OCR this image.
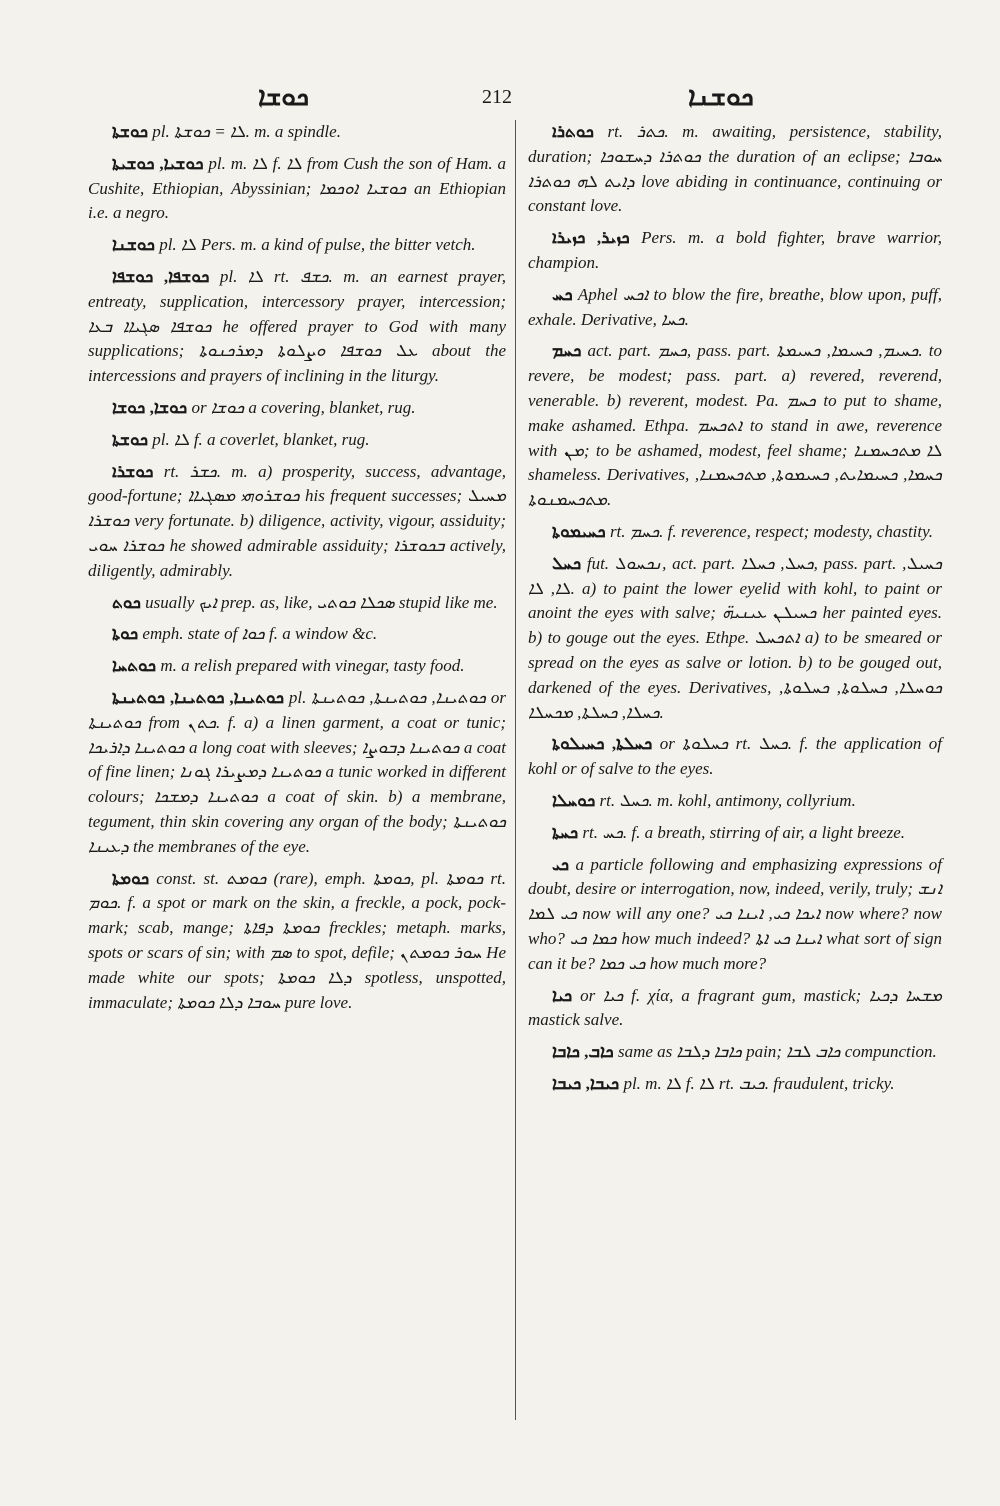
ܟܘܫܐ	212	ܟܘܫܢܐ

ܟܘܫܬܐ pl. ܠܐ = ܟܘܫܬܐ. m. a spindle.

ܟܘܫܝܐ, ܟܘܫܝܬܐ pl. m. ܠܐ f. ܠܐ from Cush the son of Ham. a Cushite, Ethiopian, Abyssinian; ܟܘܫܝܐ ܐܘܟܡܐ an Ethiopian i.e. a negro.

ܟܘܫܢܐ pl. ܠܐ Pers. m. a kind of pulse, the bitter vetch.

ܟܘܫܦܐ, ܟܘܫܦܐ pl. ܠܐ rt. ܟܫܦ. m. an earnest prayer, entreaty, supplication, intercessory prayer, intercession; ܟܘܫܦܐ ܣܓܝܐܐ ܒܥܐ he offered prayer to God with many supplications; ܥܠ ܟܘܫܦܐ ܘܨܠܘܬܐ ܕܡܪܟܢܘܬܐ about the intercessions and prayers of inclining in the liturgy.

ܟܘܫܐ, ܟܘܫܐ or ܟܘܫܐ a covering, blanket, rug.

ܟܘܫܬܐ pl. ܠܐ f. a coverlet, blanket, rug.

ܟܘܫܪܐ rt. ܟܫܪ. m. a) prosperity, success, advantage, good-fortune; ܟܘܫܪܘܗܝ ܡܣܓܝܐܐ his frequent successes; ܡܚܝܠ ܟܘܫܪܐ very fortunate. b) diligence, activity, vigour, assiduity; ܟܘܫܪܐ ܚܘܝ he showed admirable assiduity; ܒܟܘܫܪܐ actively, diligently, admirably.

ܟܘܬ usually ܐܝܟ prep. as, like, ܣܟܠܐ ܟܘܬܝ stupid like me.

ܟܘܬܐ emph. state of ܟܘܐ f. a window &c.

ܟܘܬܚܐ m. a relish prepared with vinegar, tasty food.

ܟܘܬܝܢܐ, ܟܘܬܝܢܐ, ܟܘܬܝܢܬܐ pl. ܟܘܬܝܢܐ, ܟܘܬܝܢܬܐ, ܟܘܬܝܢܬܐ or ܟܘܬܝܢܬܐ from ܟܬܢ. f. a) a linen garment, a coat or tunic; ܟܘܬܝܢܐ ܕܐܪܝܟܐ a long coat with sleeves; ܟܘܬܝܢܐ ܕܒܘܨܐ a coat of fine linen; ܟܘܬܝܢܐ ܕܡܨܝܪܐ ܓܘܢܐ a tunic worked in different colours; ܟܘܬܝܢܐ ܕܡܫܟܐ a coat of skin. b) a membrane, tegument, thin skin covering any organ of the body; ܟܘܬܝܢܬܐ ܕܥܝܢܐ the membranes of the eye.

ܟܘܡܬܐ const. st. ܟܘܡܬ (rare), emph. ܟܘܡܬܐ, pl. ܟܘܡܬܐ rt. ܟܘܡ. f. a spot or mark on the skin, a freckle, a pock, pock-mark; scab, mange; ܟܘܡܬܐ ܕܦܐܬܐ freckles; metaph. marks, spots or scars of sin; with ܣܡ to spot, defile; ܚܘܪ ܟܘܡܬܢ He made white our spots; ܕܠܐ ܟܘܡܬܐ spotless, unspotted, immaculate; ܚܘܒܐ ܕܠܐ ܟܘܡܬܐ pure love.

ܟܘܬܪܐ rt. ܟܬܪ. m. awaiting, persistence, stability, duration; ܟܘܬܪܐ ܕܚܫܘܟܐ the duration of an eclipse; ܚܘܒܐ ܕܐܝܬ ܠܗ ܟܘܬܪܐ love abiding in continuance, continuing or constant love.

ܟܙܝܪ, ܟܙܝܪܐ Pers. m. a bold fighter, brave warrior, champion.

ܟܚ Aphel ܐܟܚ to blow the fire, breathe, blow upon, puff, exhale. Derivative, ܟܚܐ.

ܟܚܡ act. part. ܟܚܡ, pass. part. ܟܚܝܡ, ܟܚܝܡܐ, ܟܚܝܡܬܐ. to revere, be modest; pass. part. a) revered, reverend, venerable. b) reverent, modest. Pa. ܟܚܡ to put to shame, make ashamed. Ethpa. ܐܬܟܚܡ to stand in awe, reverence with ܡܢ; to be ashamed, modest, feel shame; ܠܐ ܡܬܟܚܡܢܐ shameless. Derivatives, ܟܚܡܐ, ܟܚܝܡܐܝܬ, ܟܚܝܡܘܬܐ, ܡܬܟܚܡܢܐ, ܡܬܟܚܡܢܘܬܐ.

ܟܚܝܡܘܬܐ rt. ܟܚܡ. f. reverence, respect; modesty, chastity.

ܟܚܠ fut. ܢܟܚܘܠ, act. part. ܟܚܠ, ܟܚܠܐ, pass. part. ܟܚܝܠ, ܠܐ, ܠܐ. a) to paint the lower eyelid with kohl, to paint or anoint the eyes with salve; ܟܚܝܠܢ ܥܝܢܝܗ̈ her painted eyes. b) to gouge out the eyes. Ethpe. ܐܬܟܚܠ a) to be smeared or spread on the eyes as salve or lotion. b) to be gouged out, darkened of the eyes. Derivatives, ܟܘܚܠܐ, ܟܚܠܘܬܐ, ܟܚܠܘܬܐ, ܟܚܠܐ, ܟܚܠܬܐ, ܡܟܚܠܐ.

ܟܚܠܬܐ, ܟܚܝܠܘܬܐ or ܟܚܠܘܬܐ rt. ܟܚܠ. f. the application of kohl or of salve to the eyes.

ܟܘܚܠܐ rt. ܟܚܠ. m. kohl, antimony, collyrium.

ܟܚܬܐ rt. ܟܚ. f. a breath, stirring of air, a light breeze.

ܟܝ a particle following and emphasizing expressions of doubt, desire or interrogation, now, indeed, verily, truly; ܐܢܫ ܟܝ ܠܡܐ now will any one? ܐܝܟܐ ܟܝ, ܐܝܢܐ ܟܝ now where? now who? ܟܡܐ ܟܝ how much indeed? ܐܝܢܐ ܟܝ ܐܬܐ what sort of sign can it be? ܟܝ ܟܡܐ how much more?

ܟܝܐ or ܟܝܐ f. χία, a fragrant gum, mastick; ܡܫܚܐ ܕܟܝܐ mastick salve.

ܟܐܒ, ܟܐܒܐ same as ܟܐܒܐ ܕܠܒܐ pain; ܟܐܒ ܠܒܐ compunction.

ܟܝܒܐ, ܟܝܒܐ pl. m. ܠܐ f. ܠܐ rt. ܟܝܒ. fraudulent, tricky.
